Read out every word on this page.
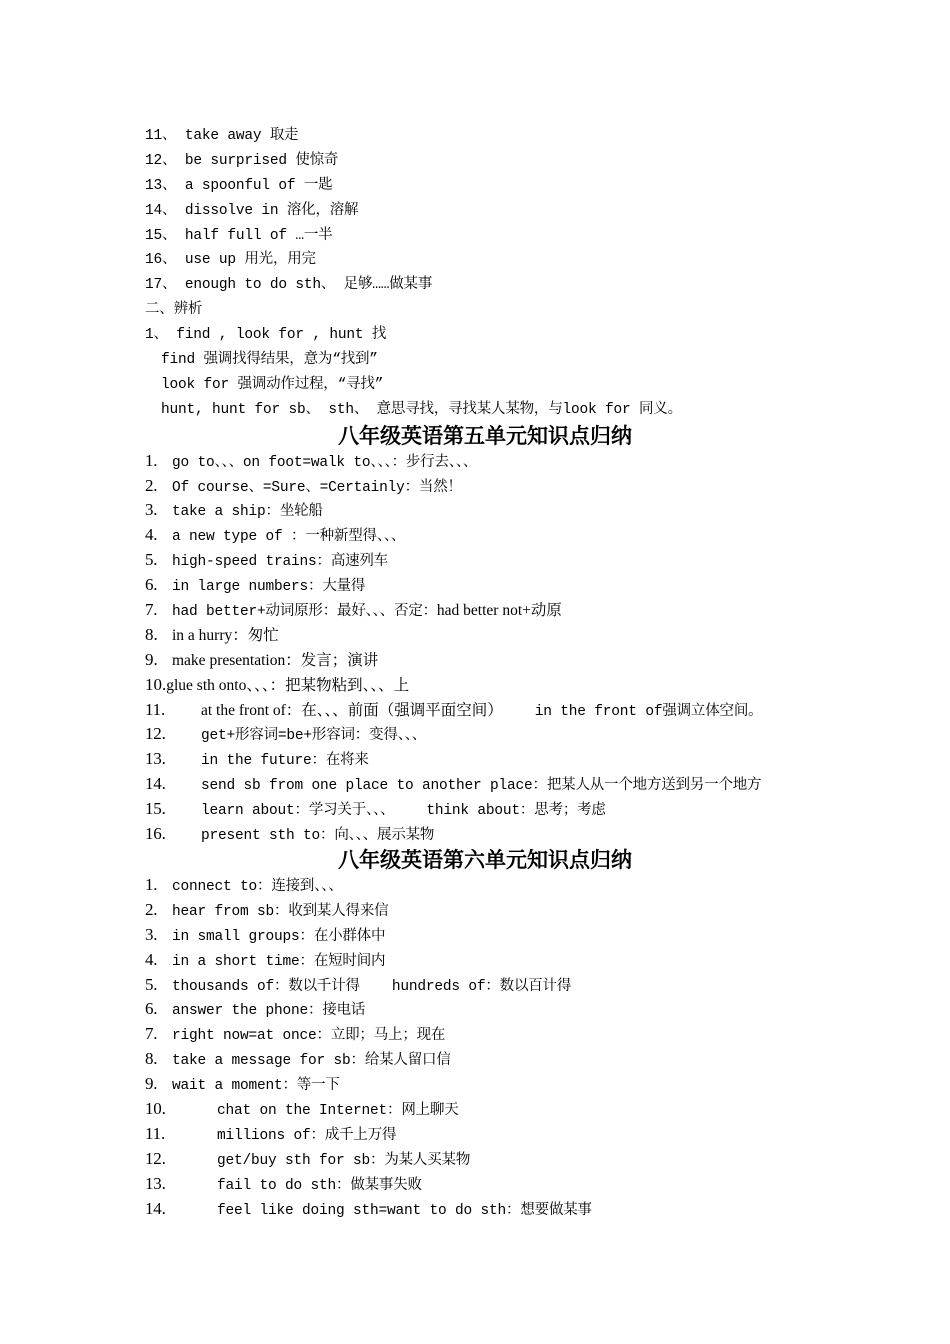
11、 take away 取走
12、 be surprised 使惊奇
13、 a spoonful of 一匙
14、 dissolve in 溶化，溶解
15、 half full of …一半
16、 use up 用光，用完
17、 enough to do sth、 足够……做某事
二、辨析
1、 find , look for , hunt 找
find 强调找得结果，意为“找到”
look for 强调动作过程，“寻找”
hunt, hunt for sb、 sth、 意思寻找，寻找某人某物，与look for 同义。
八年级英语第五单元知识点归纳
1. go to、、、on foot=walk to、、、：步行去、、、
2. Of course、=Sure、=Certainly：当然！
3. take a ship：坐轮船
4. a new type of ：一种新型得、、、
5. high-speed trains：高速列车
6. in large numbers：大量得
7. had better+动词原形：最好、、、否定：had better not+动原
8. in a hurry：匆忙
9. make presentation：发言；演讲
10.glue sth onto、、、：把某物粘到、、、上
11. at the front of：在、、、前面（强调平面空间） in the front of强调立体空间。
12. get+形容词=be+形容词：变得、、、
13. in the future：在将来
14. send sb from one place to another place：把某人从一个地方送到另一个地方
15. learn about：学习关于、、、 think about：思考；考虑
16. present sth to：向、、、展示某物
八年级英语第六单元知识点归纳
1. connect to：连接到、、、
2. hear from sb：收到某人得来信
3. in small groups：在小群体中
4. in a short time：在短时间内
5. thousands of：数以千计得 hundreds of：数以百计得
6. answer the phone：接电话
7. right now=at once：立即；马上；现在
8. take a message for sb：给某人留口信
9. wait a moment：等一下
10.	chat on the Internet：网上聊天
11.	millions of：成千上万得
12.	get/buy sth for sb：为某人买某物
13.	fail to do sth：做某事失败
14.	feel like doing sth=want to do sth：想要做某事
